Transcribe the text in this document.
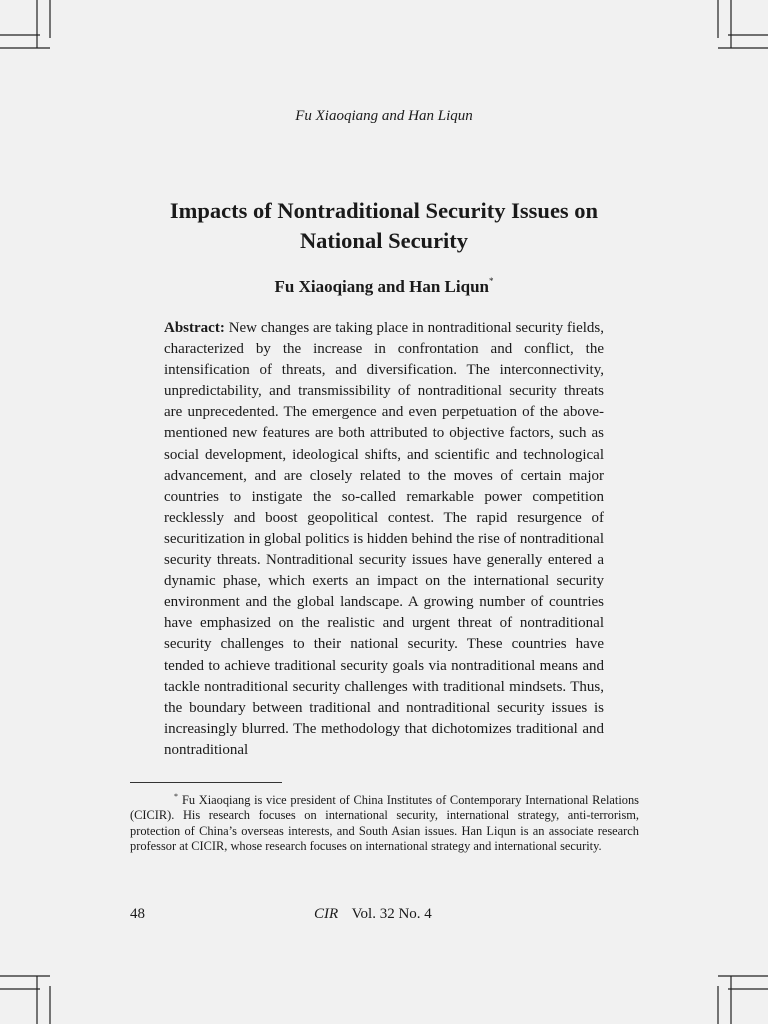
Fu Xiaoqiang and Han Liqun
Impacts of Nontraditional Security Issues on
National Security
Fu Xiaoqiang and Han Liqun*

Abstract: New changes are taking place in nontraditional security fields, characterized by the increase in confrontation and conflict, the intensification of threats, and diversification. The interconnectivity, unpredictability, and transmissibility of nontraditional security threats are unprecedented. The emergence and even perpetuation of the above-mentioned new features are both attributed to objective factors, such as social development, ideological shifts, and scientific and technological advancement, and are closely related to the moves of certain major countries to instigate the so-called remarkable power competition recklessly and boost geopolitical contest. The rapid resurgence of securitization in global politics is hidden behind the rise of nontraditional security threats. Nontraditional security issues have generally entered a dynamic phase, which exerts an impact on the international security environment and the global landscape. A growing number of countries have emphasized on the realistic and urgent threat of nontraditional security challenges to their national security. These countries have tended to achieve traditional security goals via nontraditional means and tackle nontraditional security challenges with traditional mindsets. Thus, the boundary between traditional and nontraditional security issues is increasingly blurred. The methodology that dichotomizes traditional and nontraditional

* Fu Xiaoqiang is vice president of China Institutes of Contemporary International Relations (CICIR). His research focuses on international security, international strategy, anti-terrorism, protection of China’s overseas interests, and South Asian issues. Han Liqun is an associate research professor at CICIR, whose research focuses on international strategy and international security.

48	CIR Vol. 32 No. 4
